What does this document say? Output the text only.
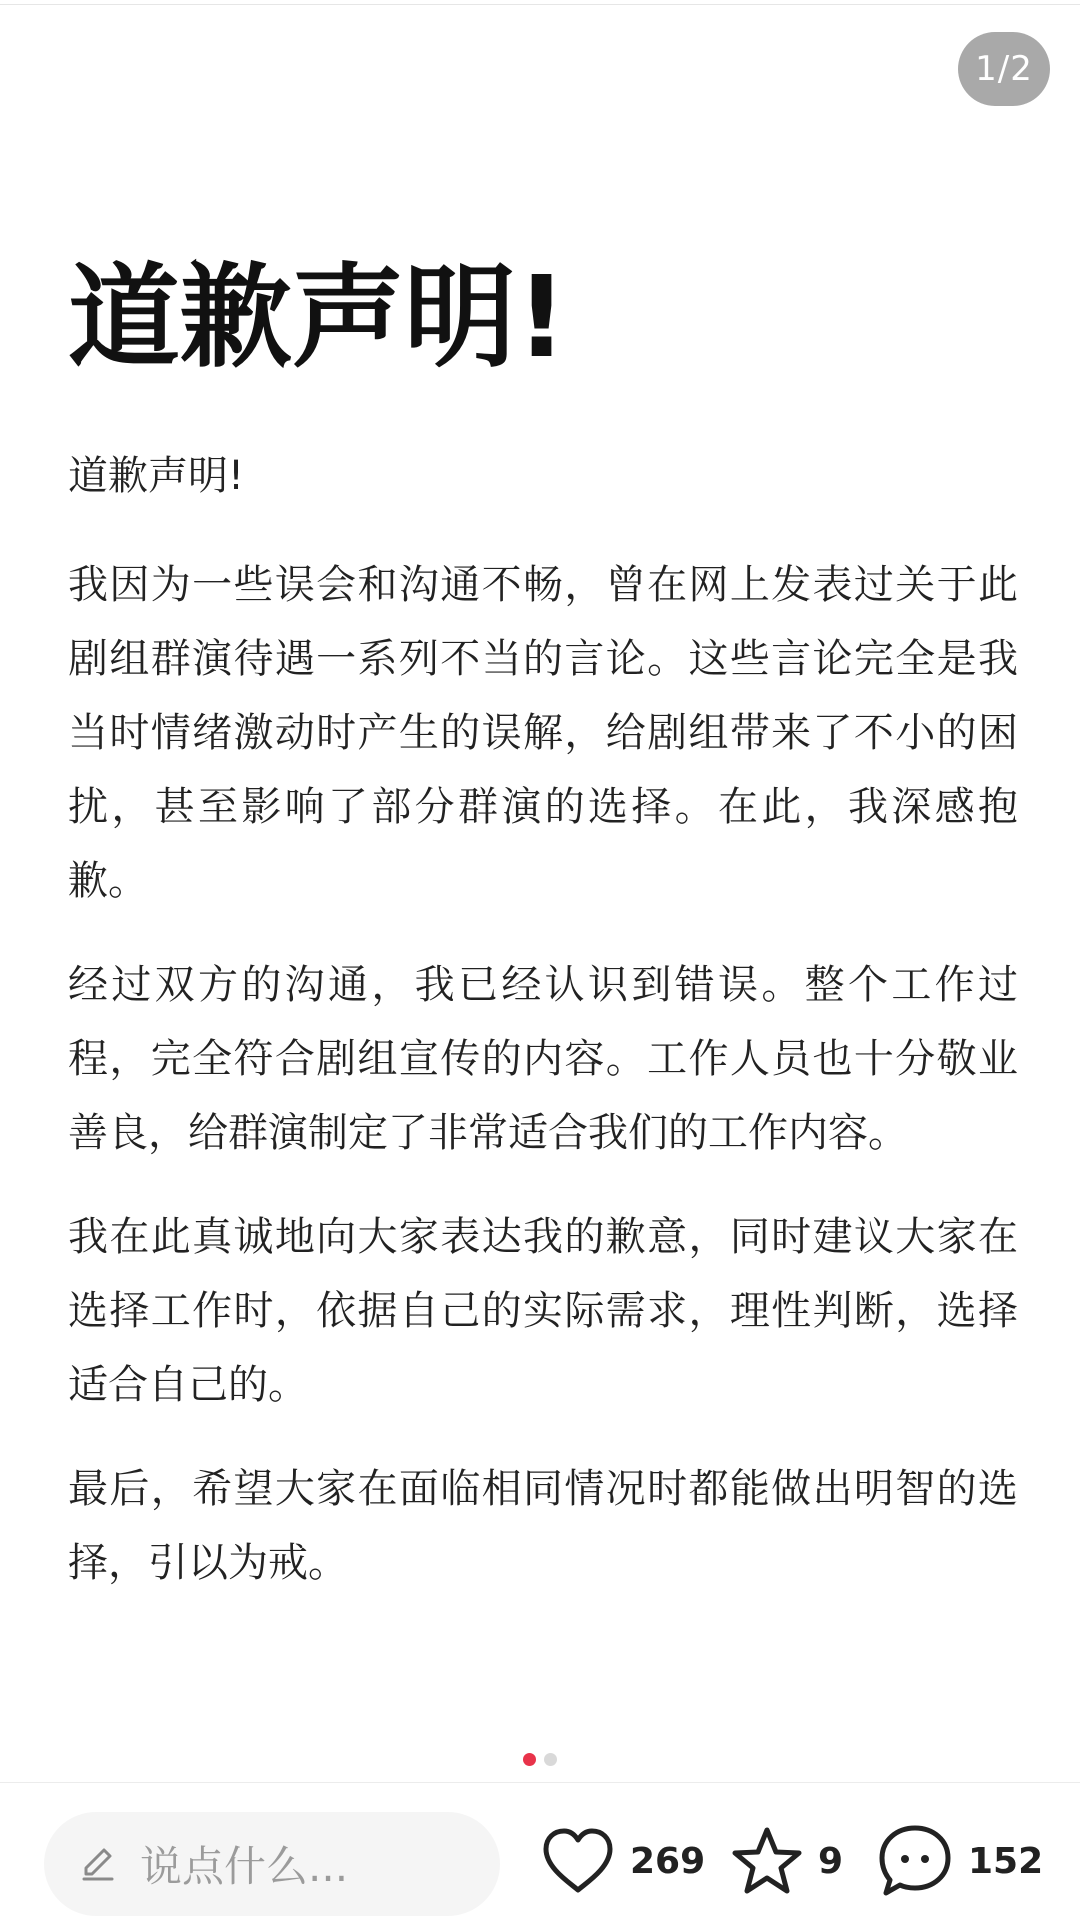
1/2
道歉声明!

道歉声明!

我因为一些误会和沟通不畅，曾在网上发表过关于此剧组群演待遇一系列不当的言论。这些言论完全是我当时情绪激动时产生的误解，给剧组带来了不小的困扰，甚至影响了部分群演的选择。在此，我深感抱歉。

经过双方的沟通，我已经认识到错误。整个工作过程，完全符合剧组宣传的内容。工作人员也十分敬业善良，给群演制定了非常适合我们的工作内容。

我在此真诚地向大家表达我的歉意，同时建议大家在选择工作时，依据自己的实际需求，理性判断，选择适合自己的。

最后，希望大家在面临相同情况时都能做出明智的选择，引以为戒。

说点什么...	269	9	152
